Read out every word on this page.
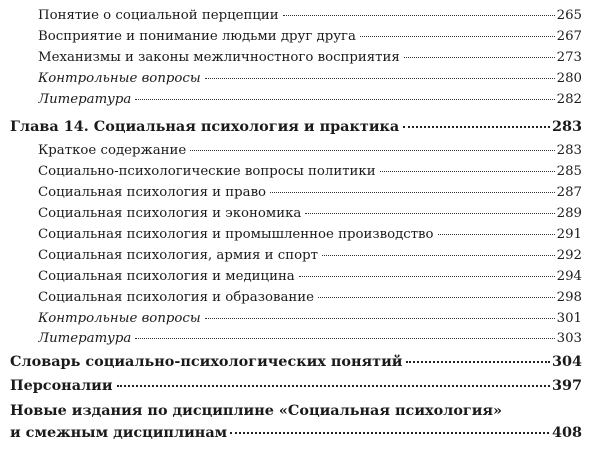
Понятие о социальной перцепции	265
Восприятие и понимание людьми друг друга	267
Механизмы и законы межличностного восприятия	273
Контрольные вопросы	280
Литература	282
Глава 14. Социальная психология и практика	283
Краткое содержание	283
Социально-психологические вопросы политики	285
Социальная психология и право	287
Социальная психология и экономика	289
Социальная психология и промышленное производство	291
Социальная психология, армия и спорт	292
Социальная психология и медицина	294
Социальная психология и образование	298
Контрольные вопросы	301
Литература	303
Словарь социально-психологических понятий	304
Персоналии	397
Новые издания по дисциплине «Социальная психология»
и смежным дисциплинам	408
